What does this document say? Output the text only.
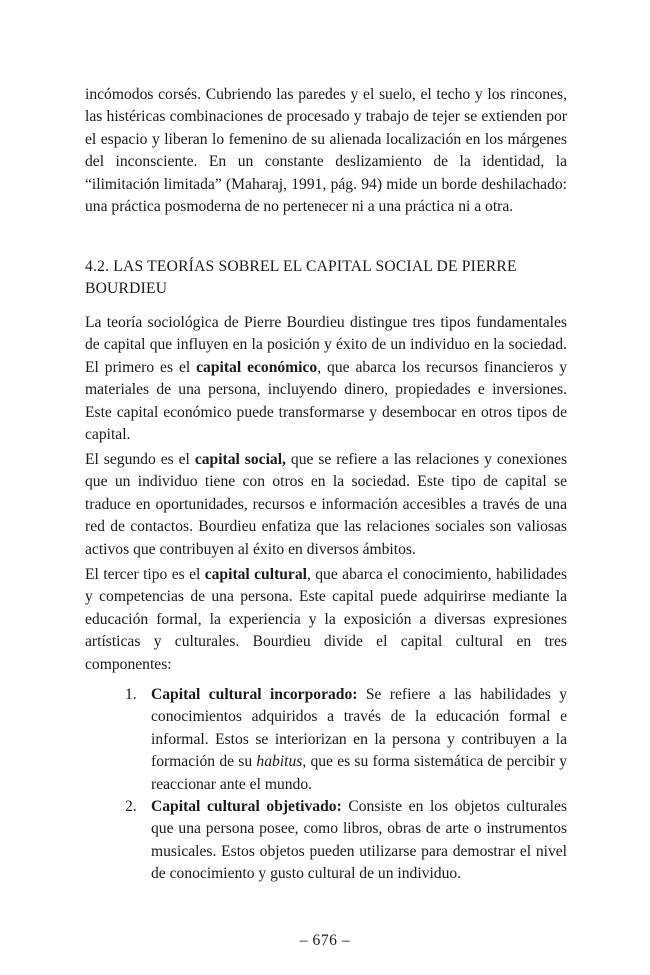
incómodos corsés. Cubriendo las paredes y el suelo, el techo y los rincones, las histéricas combinaciones de procesado y trabajo de tejer se extienden por el espacio y liberan lo femenino de su alienada localización en los márgenes del inconsciente. En un constante deslizamiento de la identidad, la “ilimitación limitada” (Maharaj, 1991, pág. 94) mide un borde deshilachado: una práctica posmoderna de no pertenecer ni a una práctica ni a otra.

4.2. LAS TEORÍAS SOBREL EL CAPITAL SOCIAL DE PIERRE BOURDIEU

La teoría sociológica de Pierre Bourdieu distingue tres tipos fundamentales de capital que influyen en la posición y éxito de un individuo en la sociedad. El primero es el capital económico, que abarca los recursos financieros y materiales de una persona, incluyendo dinero, propiedades e inversiones. Este capital económico puede transformarse y desembocar en otros tipos de capital.

El segundo es el capital social, que se refiere a las relaciones y conexiones que un individuo tiene con otros en la sociedad. Este tipo de capital se traduce en oportunidades, recursos e información accesibles a través de una red de contactos. Bourdieu enfatiza que las relaciones sociales son valiosas activos que contribuyen al éxito en diversos ámbitos.

El tercer tipo es el capital cultural, que abarca el conocimiento, habilidades y competencias de una persona. Este capital puede adquirirse mediante la educación formal, la experiencia y la exposición a diversas expresiones artísticas y culturales. Bourdieu divide el capital cultural en tres componentes:

1. Capital cultural incorporado: Se refiere a las habilidades y conocimientos adquiridos a través de la educación formal e informal. Estos se interiorizan en la persona y contribuyen a la formación de su habitus, que es su forma sistemática de percibir y reaccionar ante el mundo.
2. Capital cultural objetivado: Consiste en los objetos culturales que una persona posee, como libros, obras de arte o instrumentos musicales. Estos objetos pueden utilizarse para demostrar el nivel de conocimiento y gusto cultural de un individuo.
– 676 –
